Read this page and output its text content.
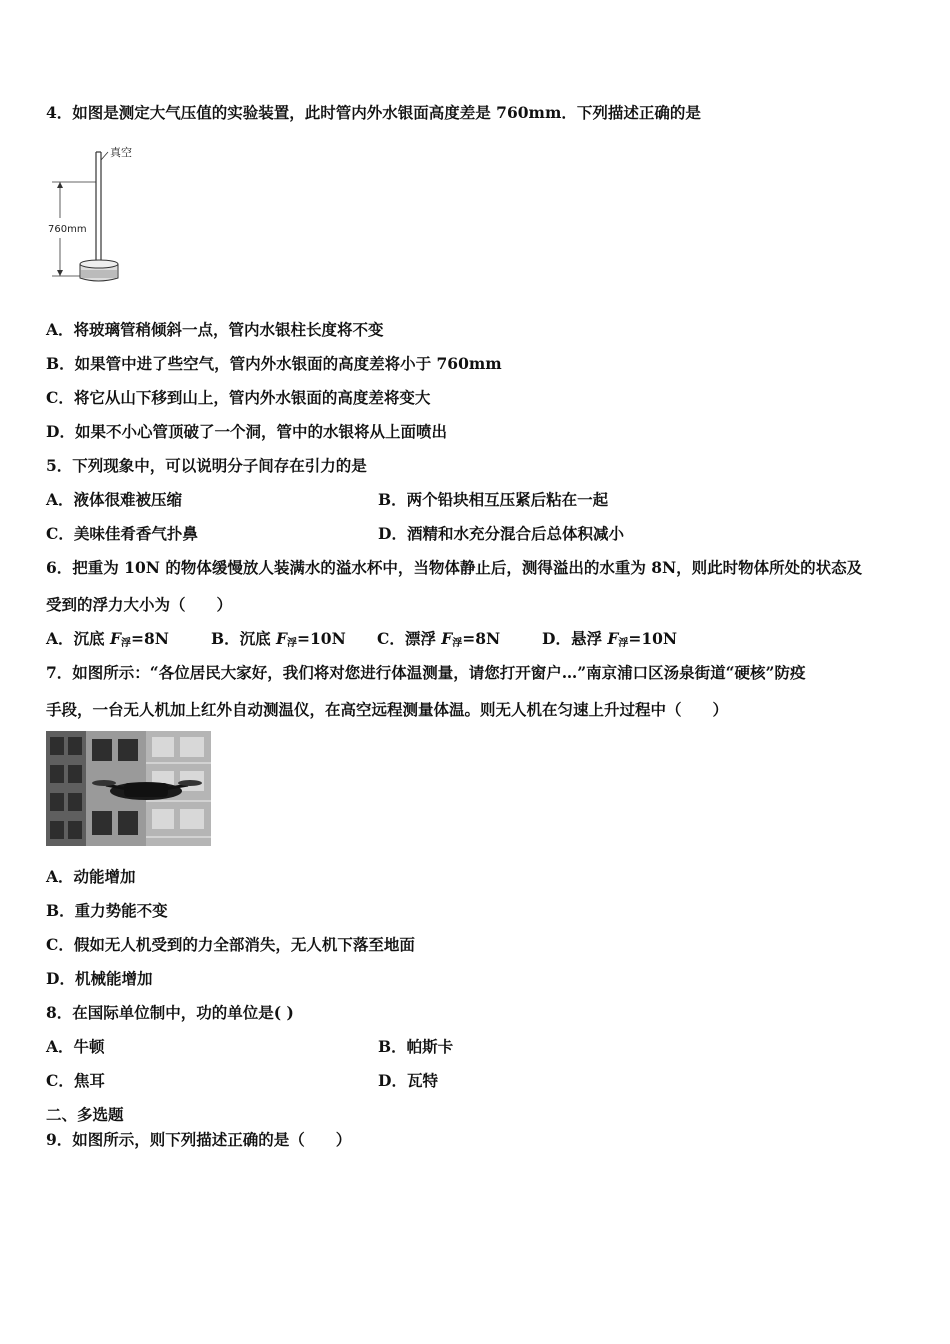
4．如图是测定大气压值的实验装置，此时管内外水银面高度差是 760mm．下列描述正确的是
真空
760mm
A．将玻璃管稍倾斜一点，管内水银柱长度将不变
B．如果管中进了些空气，管内外水银面的高度差将小于 760mm
C．将它从山下移到山上，管内外水银面的高度差将变大
D．如果不小心管顶破了一个洞，管中的水银将从上面喷出
5．下列现象中，可以说明分子间存在引力的是
A．液体很难被压缩	B．两个铅块相互压紧后粘在一起
C．美味佳肴香气扑鼻	D．酒精和水充分混合后总体积减小
6．把重为 10N 的物体缓慢放人装满水的溢水杯中，当物体静止后，测得溢出的水重为 8N，则此时物体所处的状态及
受到的浮力大小为（　　）
A．沉底 $F_浮=8N$	B．沉底 $F_浮=10N$ C．漂浮 $F_浮=8N$	D．悬浮 $F_浮=10N$
7．如图所示：“各位居民大家好，我们将对您进行体温测量，请您打开窗户…”南京浦口区汤泉街道“硬核”防疫
手段，一台无人机加上红外自动测温仪，在高空远程测量体温。则无人机在匀速上升过程中（　　）
A．动能增加
B．重力势能不变
C．假如无人机受到的力全部消失，无人机下落至地面
D．机械能增加
8．在国际单位制中，功的单位是( )
A．牛顿	B．帕斯卡
C．焦耳	D．瓦特
二、多选题
9．如图所示，则下列描述正确的是（　　）
